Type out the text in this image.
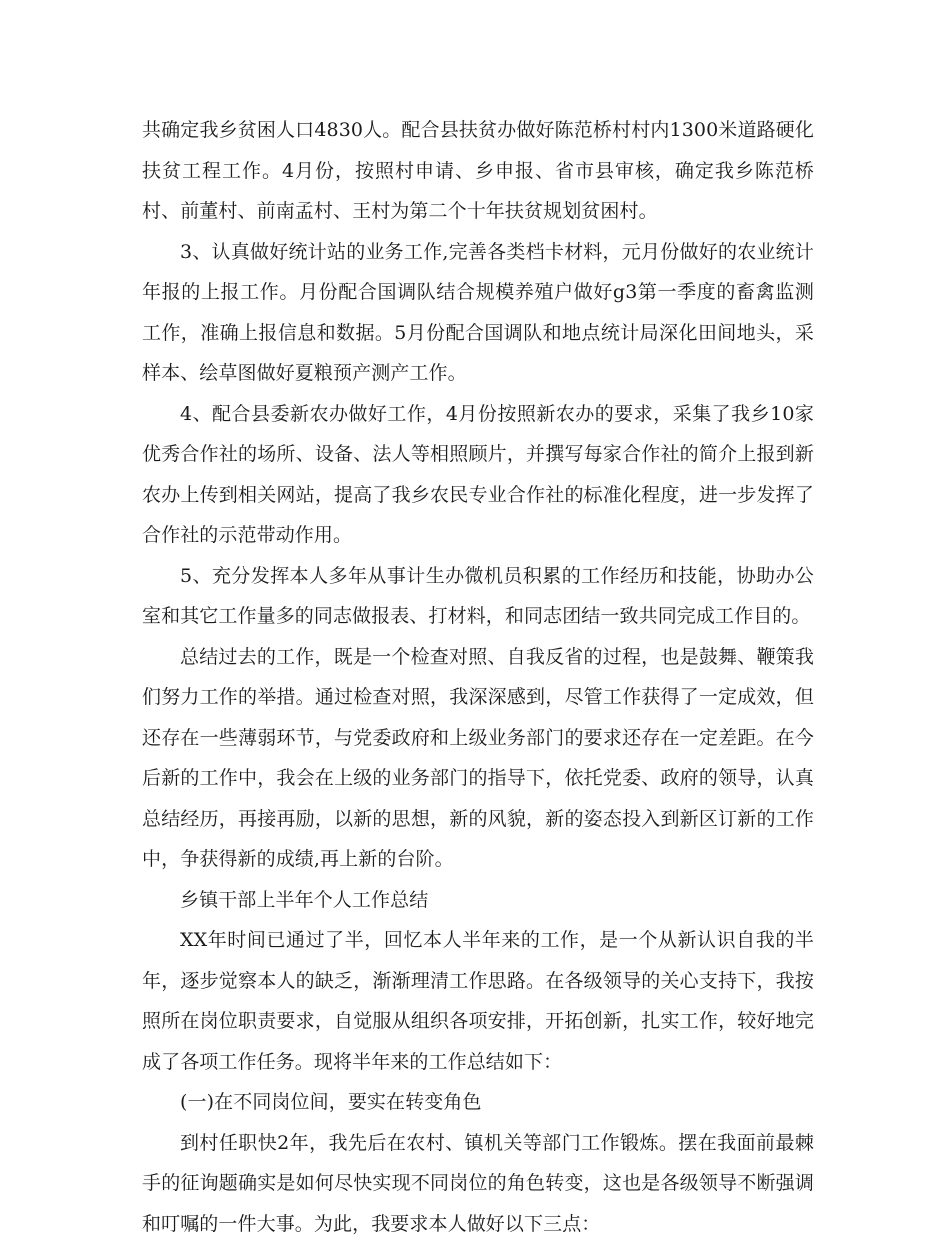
共确定我乡贫困人口4830人。配合县扶贫办做好陈范桥村村内1300米道路硬化扶贫工程工作。4月份，按照村申请、乡申报、省市县审核，确定我乡陈范桥村、前董村、前南孟村、王村为第二个十年扶贫规划贫困村。

3、认真做好统计站的业务工作,完善各类档卡材料，元月份做好的农业统计年报的上报工作。月份配合国调队结合规模养殖户做好g3第一季度的畜禽监测工作，准确上报信息和数据。5月份配合国调队和地点统计局深化田间地头，采样本、绘草图做好夏粮预产测产工作。

4、配合县委新农办做好工作，4月份按照新农办的要求，采集了我乡10家优秀合作社的场所、设备、法人等相照顾片，并撰写每家合作社的简介上报到新农办上传到相关网站，提高了我乡农民专业合作社的标准化程度，进一步发挥了合作社的示范带动作用。

5、充分发挥本人多年从事计生办微机员积累的工作经历和技能，协助办公室和其它工作量多的同志做报表、打材料，和同志团结一致共同完成工作目的。

总结过去的工作，既是一个检查对照、自我反省的过程，也是鼓舞、鞭策我们努力工作的举措。通过检查对照，我深深感到，尽管工作获得了一定成效，但还存在一些薄弱环节，与党委政府和上级业务部门的要求还存在一定差距。在今后新的工作中，我会在上级的业务部门的指导下，依托党委、政府的领导，认真总结经历，再接再励，以新的思想，新的风貌，新的姿态投入到新区订新的工作中，争获得新的成绩,再上新的台阶。

乡镇干部上半年个人工作总结

XX年时间已通过了半，回忆本人半年来的工作，是一个从新认识自我的半年，逐步觉察本人的缺乏，渐渐理清工作思路。在各级领导的关心支持下，我按照所在岗位职责要求，自觉服从组织各项安排，开拓创新，扎实工作，较好地完成了各项工作任务。现将半年来的工作总结如下：

(一)在不同岗位间，要实在转变角色

到村任职快2年，我先后在农村、镇机关等部门工作锻炼。摆在我面前最棘手的征询题确实是如何尽快实现不同岗位的角色转变，这也是各级领导不断强调和叮嘱的一件大事。为此，我要求本人做好以下三点：
